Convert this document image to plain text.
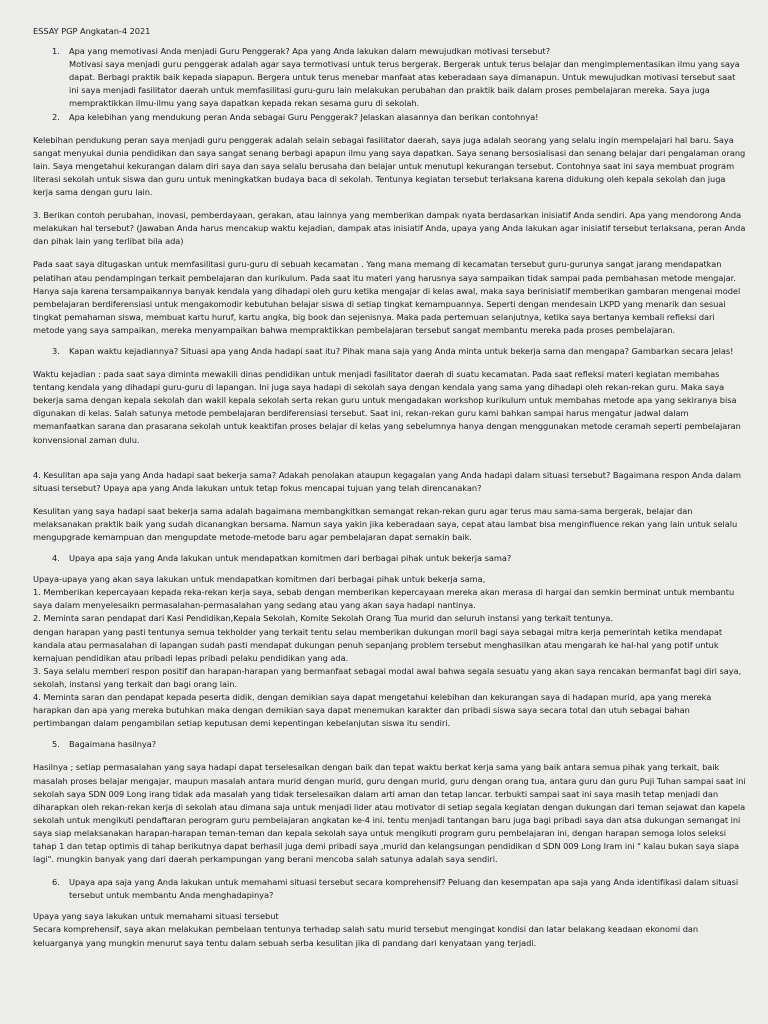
ESSAY PGP Angkatan-4 2021

1. Apa yang memotivasi Anda menjadi Guru Penggerak? Apa yang Anda lakukan dalam mewujudkan motivasi tersebut?

Motivasi saya menjadi guru penggerak adalah agar saya termotivasi untuk terus bergerak. Bergerak untuk terus belajar dan mengimplementasikan ilmu yang saya dapat. Berbagi praktik baik kepada siapapun. Bergera untuk terus menebar manfaat atas keberadaan saya dimanapun. Untuk mewujudkan motivasi tersebut saat ini saya menjadi fasilitator daerah untuk memfasilitasi guru-guru lain melakukan perubahan dan praktik baik dalam proses pembelajaran mereka. Saya juga mempraktikkan ilmu-ilmu yang saya dapatkan kepada rekan sesama guru di sekolah.

2. Apa kelebihan yang mendukung peran Anda sebagai Guru Penggerak? Jelaskan alasannya dan berikan contohnya!

Kelebihan pendukung peran saya menjadi guru penggerak adalah selain sebagai fasilitator daerah, saya juga adalah seorang yang selalu ingin mempelajari hal baru. Saya sangat menyukai dunia pendidikan dan saya sangat senang berbagi apapun ilmu yang saya dapatkan. Saya senang bersosialisasi dan senang belajar dari pengalaman orang lain. Saya mengetahui kekurangan dalam diri saya dan saya selalu berusaha dan belajar untuk menutupi kekurangan tersebut. Contohnya saat ini saya membuat program literasi sekolah untuk siswa dan guru untuk meningkatkan budaya baca di sekolah. Tentunya kegiatan tersebut terlaksana karena didukung oleh kepala sekolah dan juga kerja sama dengan guru lain.

3. Berikan contoh perubahan, inovasi, pemberdayaan, gerakan, atau lainnya yang memberikan dampak nyata berdasarkan inisiatif Anda sendiri. Apa yang mendorong Anda melakukan hal tersebut? (Jawaban Anda harus mencakup waktu kejadian, dampak atas inisiatif Anda, upaya yang Anda lakukan agar inisiatif tersebut terlaksana, peran Anda dan pihak lain yang terlibat bila ada)

Pada saat saya ditugaskan untuk memfasilitasi guru-guru di sebuah kecamatan . Yang mana memang di kecamatan tersebut guru-gurunya sangat jarang mendapatkan pelatihan atau pendampingan terkait pembelajaran dan kurikulum. Pada saat itu materi yang harusnya saya sampaikan tidak sampai pada pembahasan metode mengajar. Hanya saja karena tersampaikannya banyak kendala yang dihadapi oleh guru ketika mengajar di kelas awal, maka saya berinisiatif memberikan gambaran mengenai model pembelajaran berdiferensiasi untuk mengakomodir kebutuhan belajar siswa di setiap tingkat kemampuannya. Seperti dengan mendesain LKPD yang menarik dan sesuai tingkat pemahaman siswa, membuat kartu huruf, kartu angka, big book dan sejenisnya. Maka pada pertemuan selanjutnya, ketika saya bertanya kembali refleksi dari metode yang saya sampaikan, mereka menyampaikan bahwa mempraktikkan pembelajaran tersebut sangat membantu mereka pada proses pembelajaran.

3. Kapan waktu kejadiannya? Situasi apa yang Anda hadapi saat itu? Pihak mana saja yang Anda minta untuk bekerja sama dan mengapa? Gambarkan secara jelas!

Waktu kejadian : pada saat saya diminta mewakili dinas pendidikan untuk menjadi fasilitator daerah di suatu kecamatan. Pada saat refleksi materi kegiatan membahas tentang kendala yang dihadapi guru-guru di lapangan. Ini juga saya hadapi di sekolah saya dengan kendala yang sama yang dihadapi oleh rekan-rekan guru. Maka saya bekerja sama dengan kepala sekolah dan wakil kepala sekolah serta rekan guru untuk mengadakan workshop kurikulum untuk membahas metode apa yang sekiranya bisa digunakan di kelas. Salah satunya metode pembelajaran berdiferensiasi tersebut. Saat ini, rekan-rekan guru kami bahkan sampai harus mengatur jadwal dalam memanfaatkan sarana dan prasarana sekolah untuk keaktifan proses belajar di kelas yang sebelumnya hanya dengan menggunakan metode ceramah seperti pembelajaran konvensional zaman dulu.

4. Kesulitan apa saja yang Anda hadapi saat bekerja sama? Adakah penolakan ataupun kegagalan yang Anda hadapi dalam situasi tersebut? Bagaimana respon Anda dalam situasi tersebut? Upaya apa yang Anda lakukan untuk tetap fokus mencapai tujuan yang telah direncanakan?

Kesulitan yang saya hadapi saat bekerja sama adalah bagaimana membangkitkan semangat rekan-rekan guru agar terus mau sama-sama bergerak, belajar dan melaksanakan praktik baik yang sudah dicanangkan bersama. Namun saya yakin jika keberadaan saya, cepat atau lambat bisa menginfluence rekan yang lain untuk selalu mengupgrade kemampuan dan mengupdate metode-metode baru agar pembelajaran dapat semakin baik.

4. Upaya apa saja yang Anda lakukan untuk mendapatkan komitmen dari berbagai pihak untuk bekerja sama?

Upaya-upaya yang akan saya lakukan untuk mendapatkan komitmen dari berbagai pihak untuk bekerja sama,

1. Memberikan kepercayaan kepada reka-rekan kerja saya, sebab dengan memberikan kepercayaan mereka akan merasa di hargai dan semkin berminat untuk membantu saya dalam menyelesaikn permasalahan-permasalahan yang sedang atau yang akan saya hadapi nantinya.

2. Meminta saran pendapat dari Kasi Pendidikan,Kepala Sekolah, Komite Sekolah Orang Tua murid dan seluruh instansi yang terkait tentunya.

dengan harapan yang pasti tentunya semua tekholder yang terkait tentu selau memberikan dukungan moril bagi saya sebagai mitra kerja pemerintah ketika mendapat kandala atau permasalahan di lapangan sudah pasti mendapat dukungan penuh sepanjang problem tersebut menghasilkan atau mengarah ke hal-hal yang potif untuk kemajuan pendidikan atau pribadi lepas pribadi pelaku pendidikan yang ada.

3. Saya selalu memberi respon positif dan harapan-harapan yang bermanfaat sebagai modal awal bahwa segala sesuatu yang akan saya rencakan bermanfat bagi diri saya, sekolah, instansi yang terkait dan bagi orang lain.

4. Meminta saran dan pendapat kepada peserta didik, dengan demikian saya dapat mengetahui kelebihan dan kekurangan saya di hadapan murid, apa yang mereka harapkan dan apa yang mereka butuhkan maka dengan demikian saya dapat menemukan karakter dan pribadi siswa saya secara total dan utuh sebagai bahan pertimbangan dalam pengambilan setiap keputusan demi kepentingan kebelanjutan siswa itu sendiri.

5. Bagaimana hasilnya?

Hasilnya ; setiap permasalahan yang saya hadapi dapat terselesaikan dengan baik dan tepat waktu berkat kerja sama yang baik antara semua pihak yang terkait, baik masalah proses belajar mengajar, maupun masalah antara murid dengan murid, guru dengan murid, guru dengan orang tua, antara guru dan guru Puji Tuhan sampai saat ini sekolah saya SDN 009 Long irang tidak ada masalah yang tidak terselesaikan dalam arti aman dan tetap lancar. terbukti sampai saat ini saya masih tetap menjadi dan diharapkan oleh rekan-rekan kerja di sekolah atau dimana saja untuk menjadi lider atau motivator di setiap segala kegiatan dengan dukungan dari teman sejawat dan kapela sekolah untuk mengikuti pendaftaran perogram guru pembelajaran angkatan ke-4 ini. tentu menjadi tantangan baru juga bagi pribadi saya dan atsa dukungan semangat ini saya siap melaksanakan harapan-harapan teman-teman dan kepala sekolah saya untuk mengikuti program guru pembelajaran ini, dengan harapan semoga lolos seleksi tahap 1 dan tetap optimis di tahap berikutnya dapat berhasil juga demi pribadi saya ,murid dan kelangsungan pendidikan d SDN 009 Long Iram ini " kalau bukan saya siapa lagi". mungkin banyak yang dari daerah perkampungan yang berani mencoba salah satunya adalah saya sendiri.

6. Upaya apa saja yang Anda lakukan untuk memahami situasi tersebut secara komprehensif? Peluang dan kesempatan apa saja yang Anda identifikasi dalam situasi tersebut untuk membantu Anda menghadapinya?

Upaya yang saya lakukan untuk memahami situasi tersebut

Secara komprehensif, saya akan melakukan pembelaan tentunya terhadap salah satu murid tersebut mengingat kondisi dan latar belakang keadaan ekonomi dan keluarganya yang mungkin menurut saya tentu dalam sebuah serba kesulitan jika di pandang dari kenyataan yang terjadi.
